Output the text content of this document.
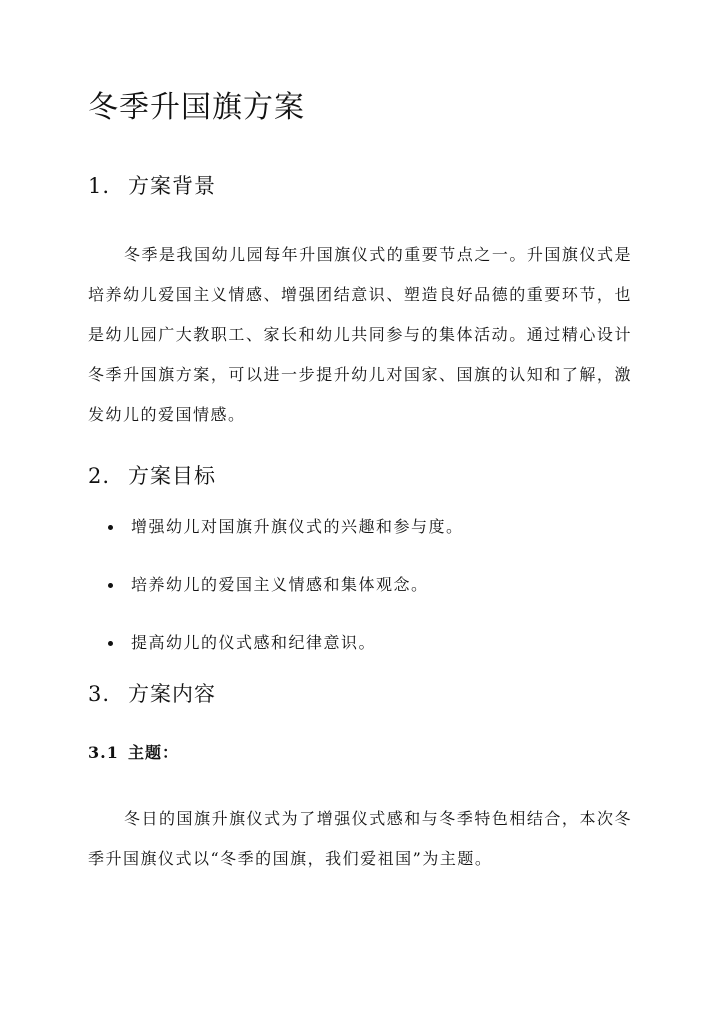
冬季升国旗方案
1. 方案背景

冬季是我国幼儿园每年升国旗仪式的重要节点之一。升国旗仪式是培养幼儿爱国主义情感、增强团结意识、塑造良好品德的重要环节，也是幼儿园广大教职工、家长和幼儿共同参与的集体活动。通过精心设计冬季升国旗方案，可以进一步提升幼儿对国家、国旗的认知和了解，激发幼儿的爱国情感。

2. 方案目标
增强幼儿对国旗升旗仪式的兴趣和参与度。
培养幼儿的爱国主义情感和集体观念。
提高幼儿的仪式感和纪律意识。
3. 方案内容
3.1 主题：

冬日的国旗升旗仪式为了增强仪式感和与冬季特色相结合，本次冬季升国旗仪式以“冬季的国旗，我们爱祖国”为主题。
